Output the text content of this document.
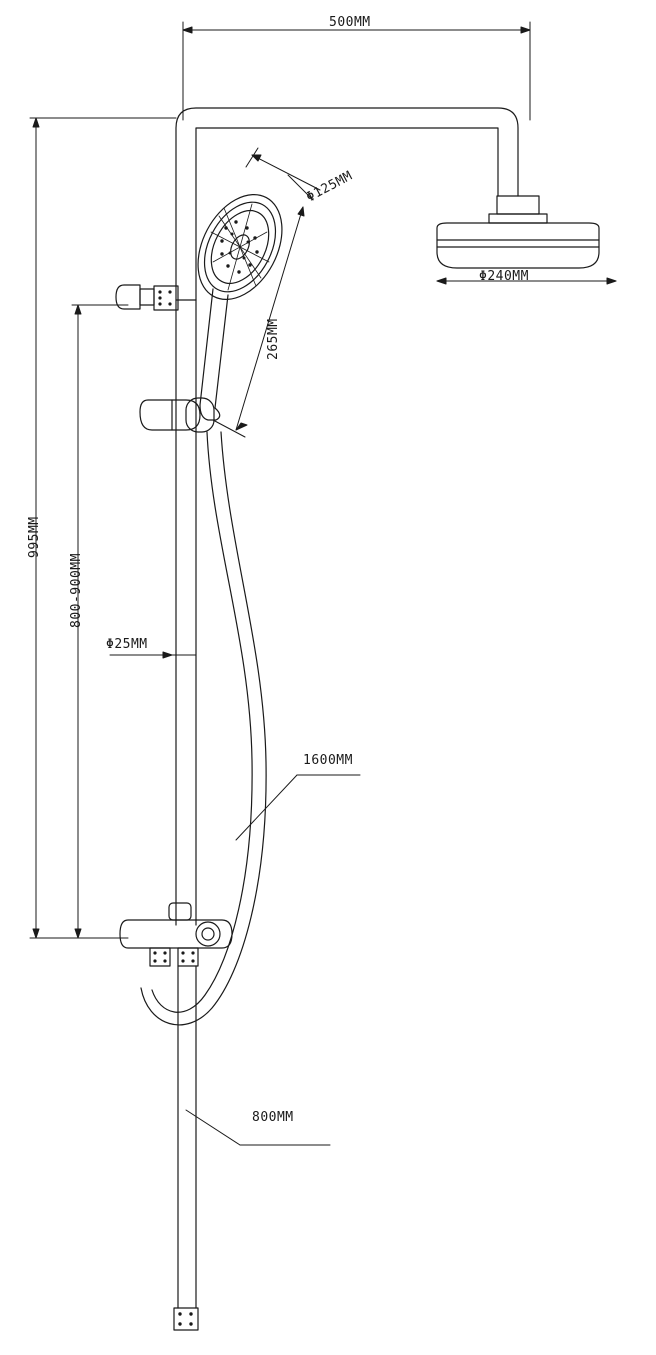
500MM
Φ240MM
Φ125MM
265MM
995MM
800-900MM
Φ25MM
1600MM
800MM
